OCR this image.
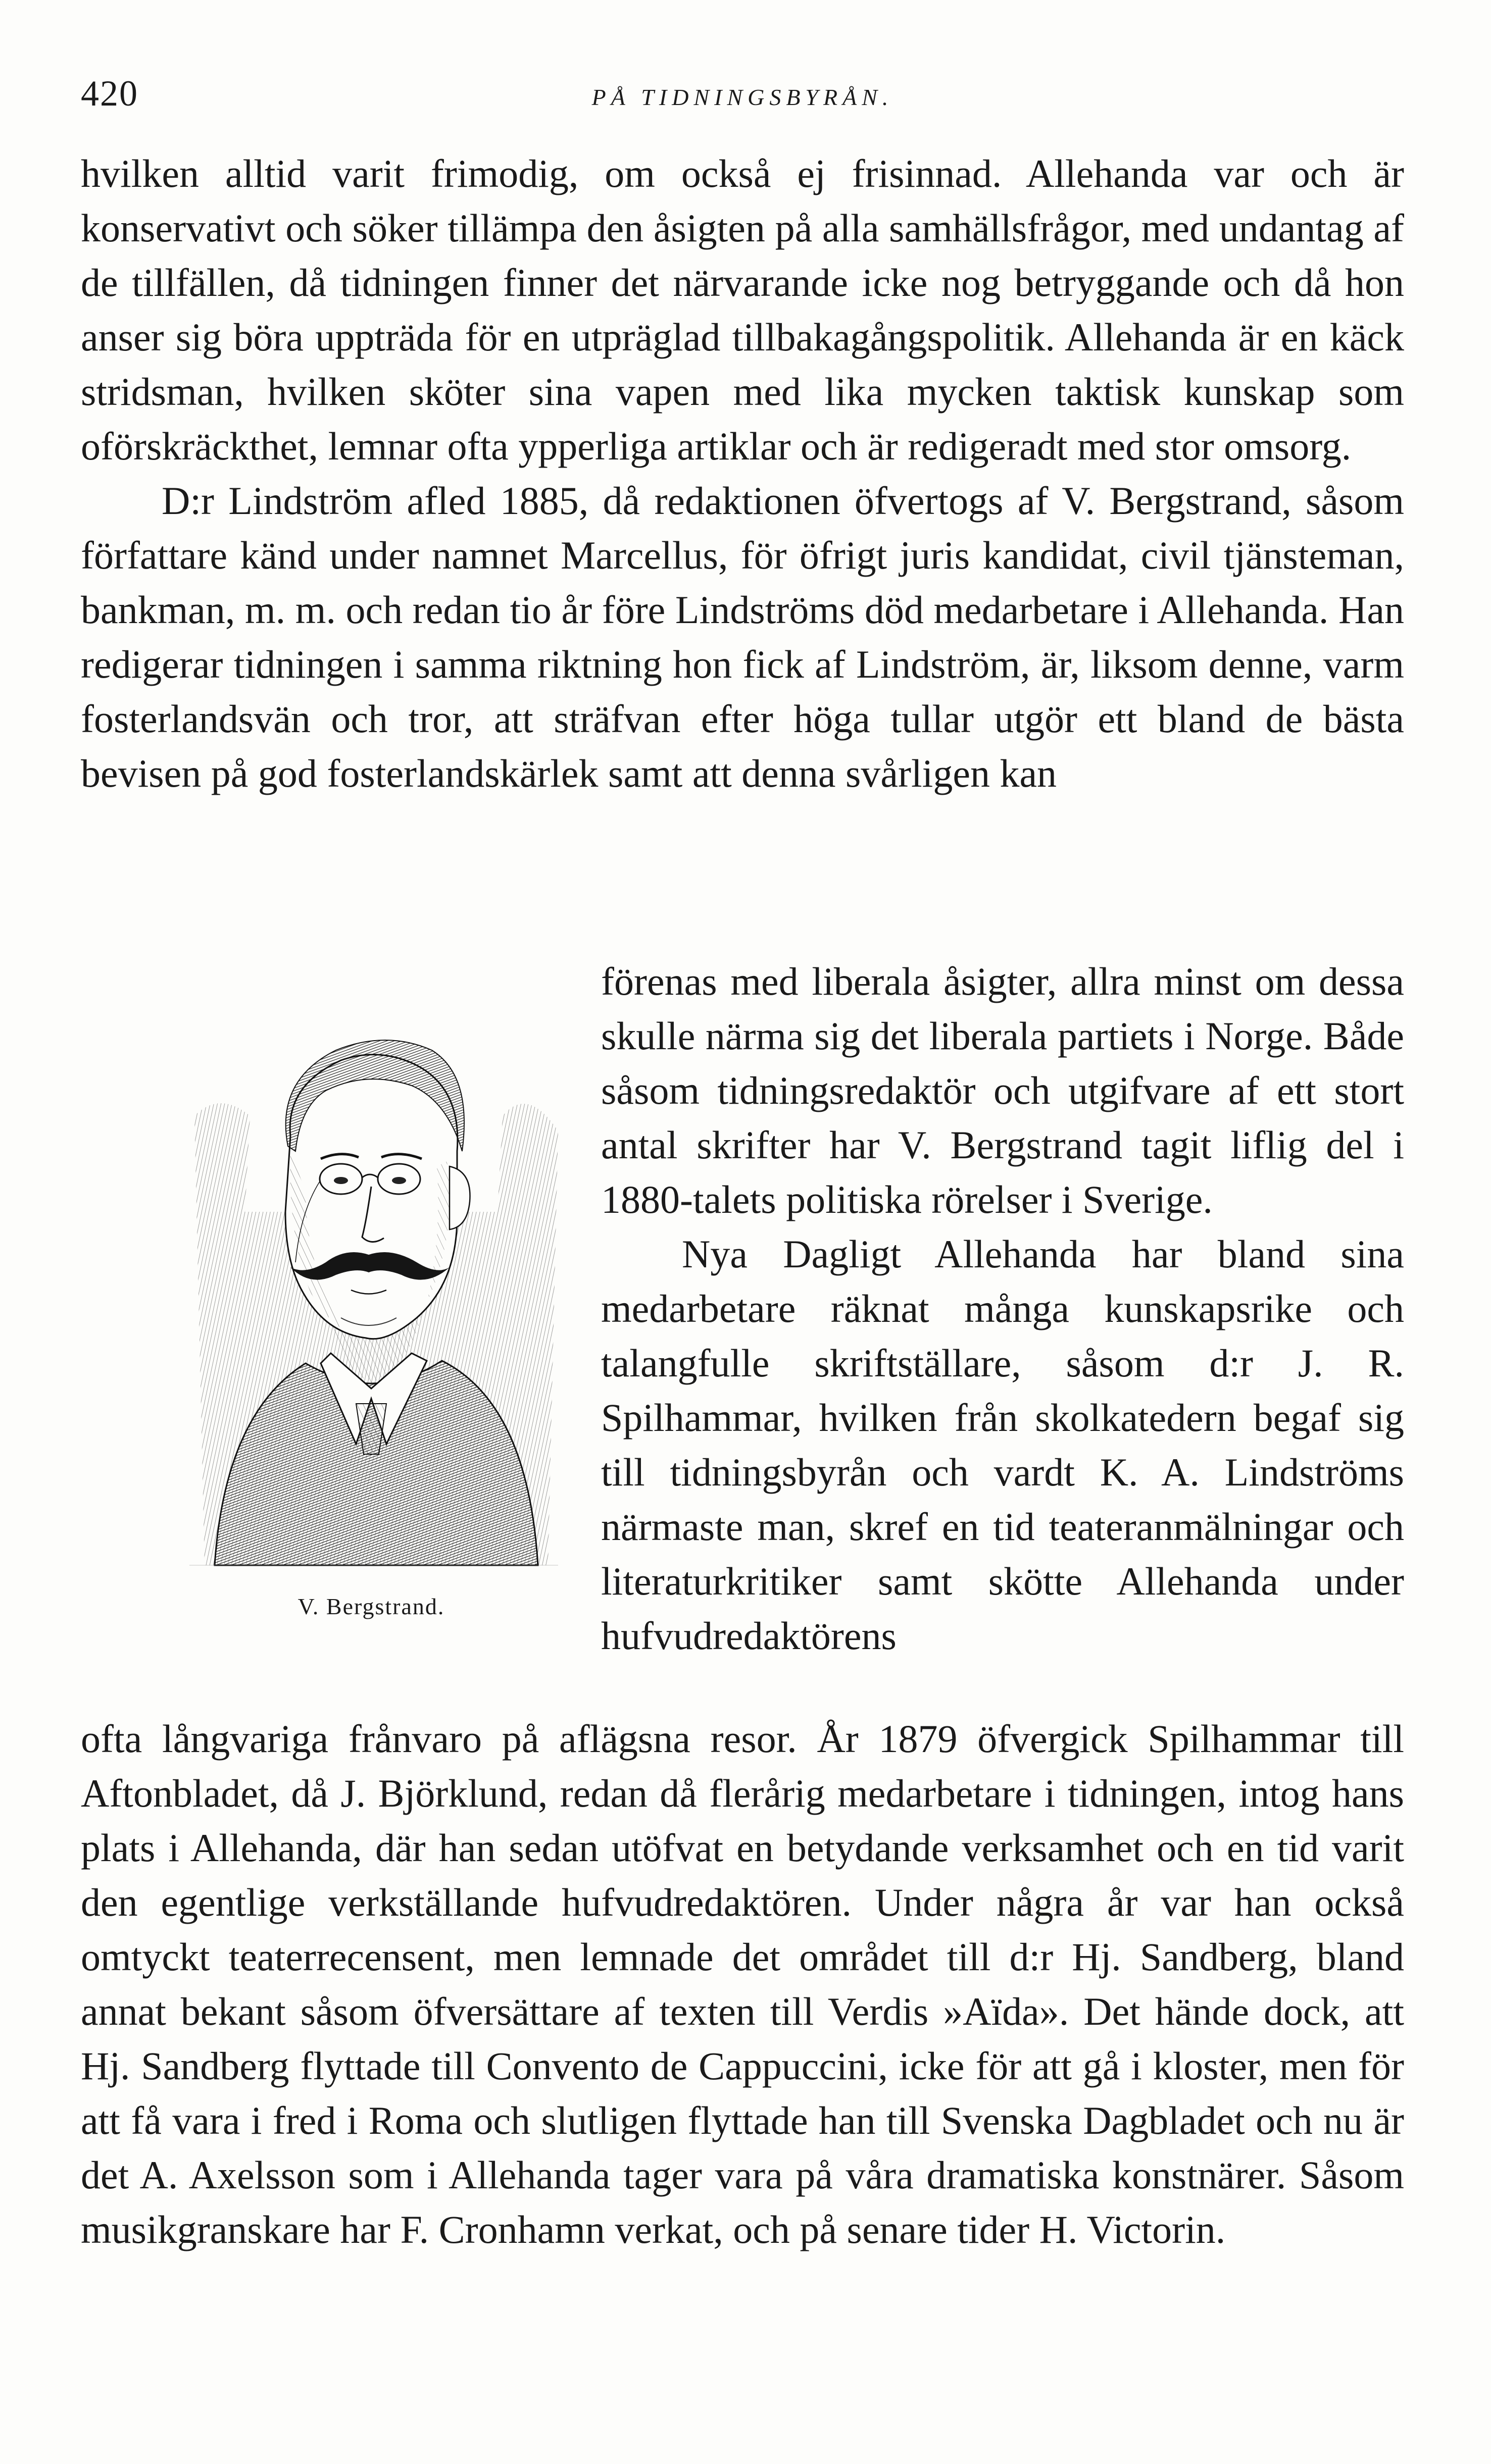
420	PÅ TIDNINGSBYRÅN.

hvilken alltid varit frimodig, om också ej frisinnad. Allehanda var och är konservativt och söker tillämpa den åsigten på alla samhällsfrågor, med undantag af de tillfällen, då tidningen finner det närvarande icke nog betryggande och då hon anser sig böra uppträda för en utpräglad tillbakagångspolitik. Allehanda är en käck stridsman, hvilken sköter sina vapen med lika mycken taktisk kunskap som oförskräckthet, lemnar ofta ypperliga artiklar och är redigeradt med stor omsorg.

D:r Lindström afled 1885, då redaktionen öfvertogs af V. Bergstrand, såsom författare känd under namnet Marcellus, för öfrigt juris kandidat, civil tjänsteman, bankman, m. m. och redan tio år före Lindströms död medarbetare i Allehanda. Han redigerar tidningen i samma riktning hon fick af Lindström, är, liksom denne, varm fosterlandsvän och tror, att sträfvan efter höga tullar utgör ett bland de bästa bevisen på god fosterlandskärlek samt att denna svårligen kan

V. Bergstrand.

förenas med liberala åsigter, allra minst om dessa skulle närma sig det liberala partiets i Norge. Både såsom tidningsredaktör och utgifvare af ett stort antal skrifter har V. Bergstrand tagit liflig del i 1880-talets politiska rörelser i Sverige.

Nya Dagligt Allehanda har bland sina medarbetare räknat många kunskapsrike och talangfulle skriftställare, såsom d:r J. R. Spilhammar, hvilken från skolkatedern begaf sig till tidningsbyrån och vardt K. A. Lindströms närmaste man, skref en tid teateranmälningar och literaturkritiker samt skötte Allehanda under hufvudredaktörens

ofta långvariga frånvaro på aflägsna resor. År 1879 öfvergick Spilhammar till Aftonbladet, då J. Björklund, redan då flerårig medarbetare i tidningen, intog hans plats i Allehanda, där han sedan utöfvat en betydande verksamhet och en tid varit den egentlige verkställande hufvudredaktören. Under några år var han också omtyckt teaterrecensent, men lemnade det området till d:r Hj. Sandberg, bland annat bekant såsom öfversättare af texten till Verdis »Aïda». Det hände dock, att Hj. Sandberg flyttade till Convento de Cappuccini, icke för att gå i kloster, men för att få vara i fred i Roma och slutligen flyttade han till Svenska Dagbladet och nu är det A. Axelsson som i Allehanda tager vara på våra dramatiska konstnärer. Såsom musikgranskare har F. Cronhamn verkat, och på senare tider H. Victorin.
